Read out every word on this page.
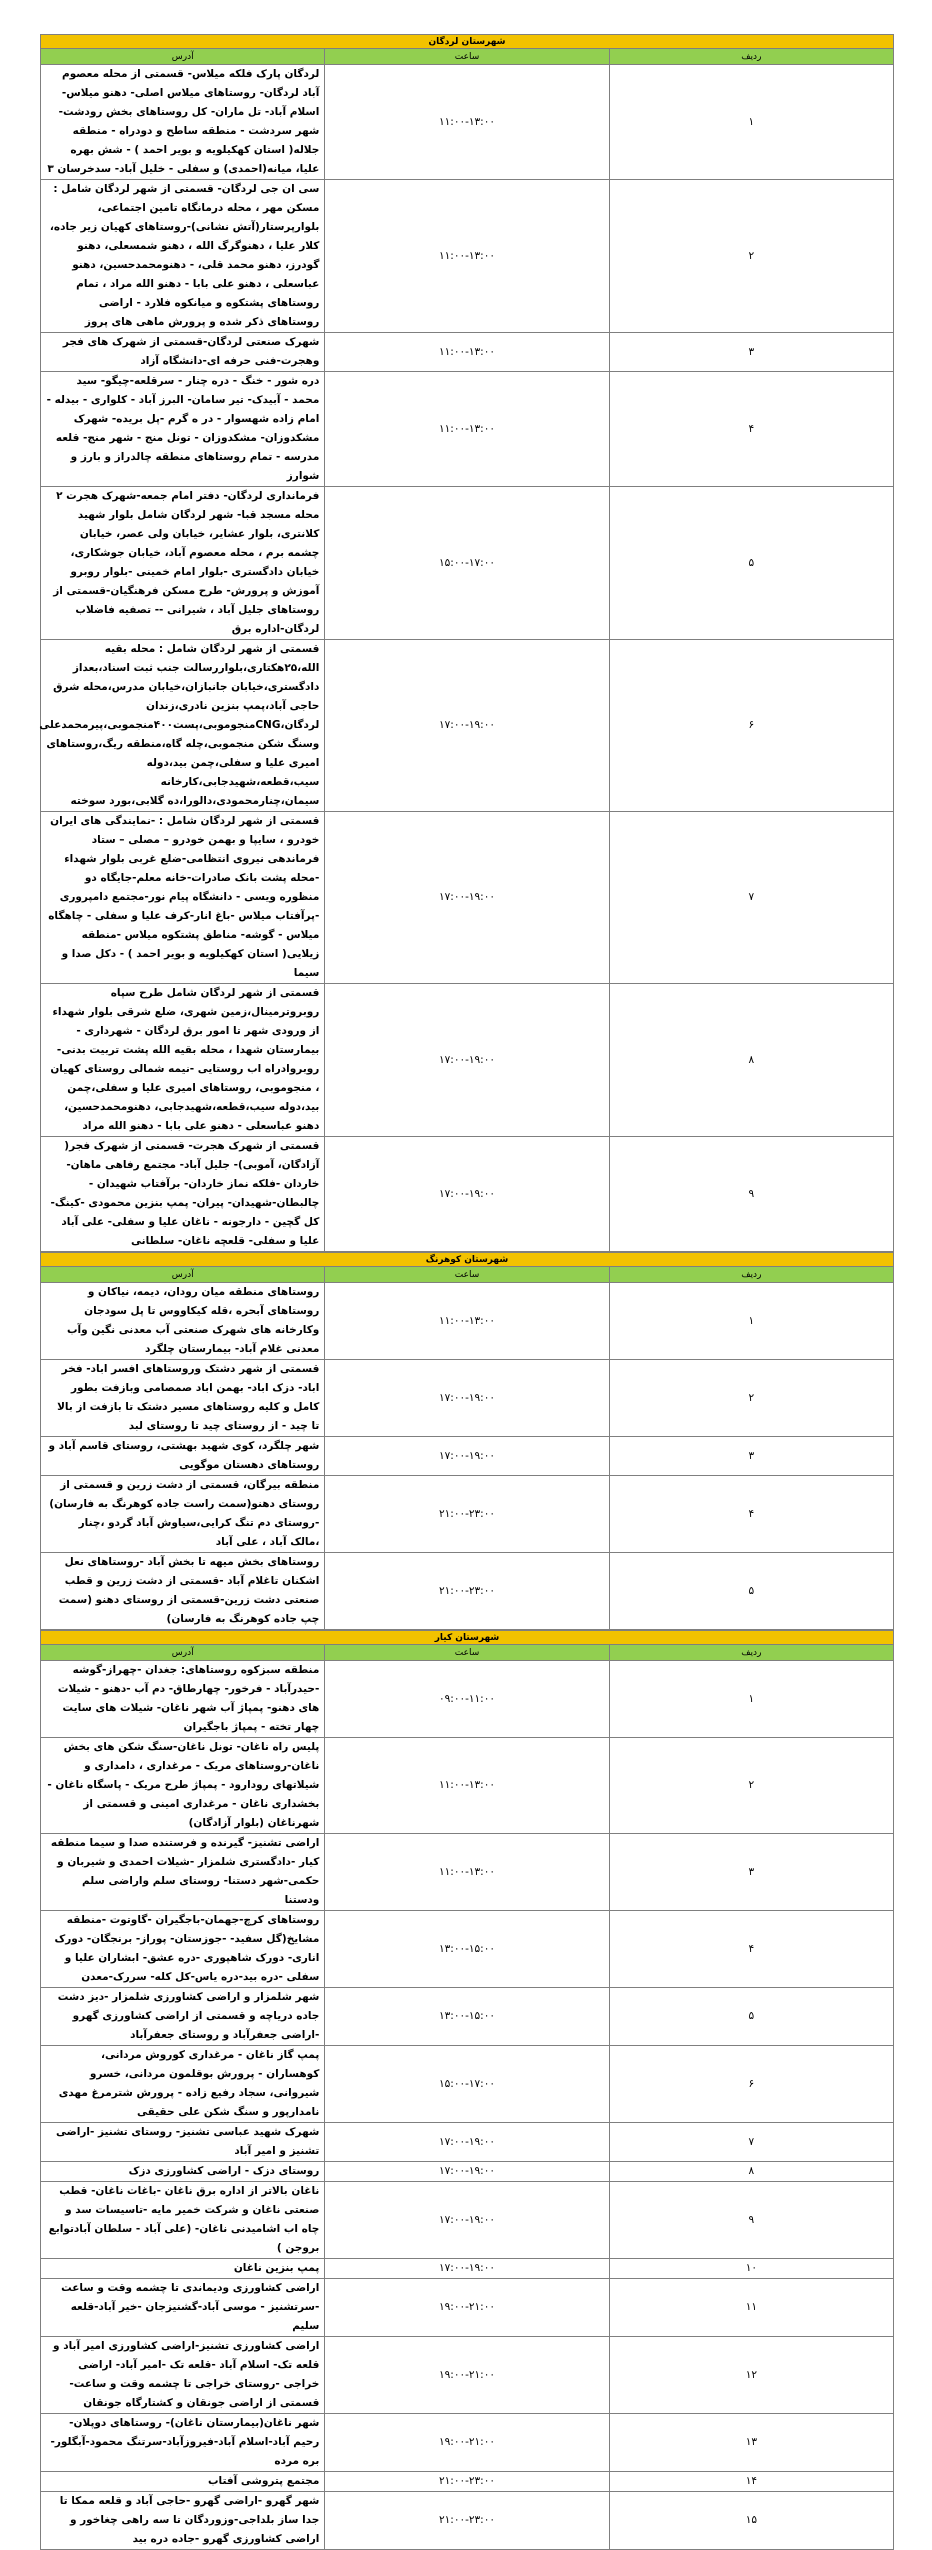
شهرستان لردگان		
ردیف	ساعت	آدرس
۱	۱۱:۰۰-۱۳:۰۰	لردگان پارک فلکه میلاس- قسمتی از محله معصوم آباد لردگان- روستاهای میلاس اصلی- دهنو میلاس- اسلام آباد- تل ماران- کل روستاهای بخش رودشت- شهر سردشت - منطقه ساطح و دودراه - منطقه جلاله( استان کهکیلویه و بویر احمد ) - شش بهره علیا، میانه(احمدی) و سفلی - خلیل آباد- سدخرسان ۳
۲	۱۱:۰۰-۱۳:۰۰	سی ان جی لردگان- قسمتی از شهر لردگان شامل : مسکن مهر ، محله درمانگاه تامین اجتماعی، بلوارپرستار(آتش نشانی)-روستاهای کهیان زیر جاده، کلار علیا ، دهنوگرگ الله ، دهنو شمسعلی، دهنو گودرز، دهنو محمد قلی، - دهنومحمدحسین، دهنو عباسعلی ، دهنو علی بابا - دهنو الله مراد ، تمام روستاهای پشتکوه و میانکوه فلارد - اراضی روستاهای ذکر شده و پرورش ماهی های پروز
۳	۱۱:۰۰-۱۳:۰۰	شهرک صنعتی لردگان-قسمتی از شهرک های فجر وهجرت-فنی حرفه ای-دانشگاه آزاد
۴	۱۱:۰۰-۱۳:۰۰	دره شور - خنگ - دره چنار - سرقلعه-چیگو- سید محمد - آبیدک- تیر سامان- البرز آباد - کلواری - بیدله - امام زاده شهسوار - در ه گرم -پل بریده- شهرک مشکدوزان- مشکدوزان - تونل منج - شهر منج- قلعه مدرسه - تمام روستاهای منطقه چالدراز و بارز و شوارز
۵	۱۵:۰۰-۱۷:۰۰	فرمانداری لردگان- دفتر امام جمعه-شهرک هجرت ۲ محله مسجد قبا- شهر لردگان شامل بلوار شهید کلانتری، بلوار عشایر، خیابان ولی عصر، خیابان چشمه برم ، محله معصوم آباد، خیابان جوشکاری، خیابان دادگستری -بلوار امام خمینی -بلوار روبرو آموزش و پرورش- طرح مسکن فرهنگیان-قسمتی از روستاهای جلیل آباد ، شیرانی -- تصفیه فاضلاب لردگان-اداره برق
۶	۱۷:۰۰-۱۹:۰۰	قسمتی از شهر لردگان شامل : محله بقیه الله،۲۵هکتاری،بلواررسالت جنب ثبت اسناد،بعداز دادگستری،خیابان جانبازان،خیابان مدرس،محله شرق حاجی آباد،پمپ بنزین نادری،زندان لردگان،CNGمنجوموبی،پست۴۰۰منجموبی،پیرمحمدعلی وسنگ شکن منجموبی،چله گاه،منطقه ریگ،روستاهای امیری علیا و سفلی،چمن بید،دوله سیب،قطعه،شهیدجابی،کارخانه سیمان،چنارمحمودی،دالورا،ده گلابی،بورد سوخته
۷	۱۷:۰۰-۱۹:۰۰	قسمتی از شهر لردگان شامل : -نمایندگی های ایران خودرو ، سایپا و بهمن خودرو – مصلی – ستاد فرماندهی نیروی انتظامی-ضلع غربی بلوار شهداء -محله پشت بانک صادرات-خانه معلم-جایگاه دو منظوره ویسی - دانشگاه پیام نور-مجتمع دامپروری -پرآفتاب میلاس -باغ انار-کرف علیا و سفلی - چاهگاه میلاس - گوشه- مناطق پشتکوه میلاس -منطقه زیلایی( استان کهکیلویه و بویر احمد ) - دکل صدا و سیما
۸	۱۷:۰۰-۱۹:۰۰	قسمتی از شهر لردگان شامل طرح سپاه روبروترمینال،زمین شهری، ضلع شرقی بلوار شهداء از ورودی شهر تا امور برق لردگان - شهرداری - بیمارستان شهدا ، محله بقیه الله پشت تربیت بدنی-روبروادراه اب روستایی -نیمه شمالی روستای کهیان ، منجوموبی، روستاهای امیری علیا و سفلی،چمن بید،دوله سیب،قطعه،شهیدجابی، دهنومحمدحسین، دهنو عباسعلی - دهنو علی بابا - دهنو الله مراد
۹	۱۷:۰۰-۱۹:۰۰	قسمتی از شهرک هجرت- قسمتی از شهرک فجر( آزادگان، آموبی)- جلیل آباد- مجتمع رفاهی ماهان- خاردان -فلکه نماز خاردان- برآفتاب شهیدان - چالبطان-شهیدان- پیران- پمپ بنزین محمودی -کینگ- کل گچین - دارجونه - ناغان علیا و سفلی- علی آباد علیا و سفلی- قلعچه ناغان- سلطانی
شهرستان کوهرنگ		
ردیف	ساعت	آدرس
۱	۱۱:۰۰-۱۳:۰۰	روستاهای منطقه میان رودان، دیمه، نیاکان و روستاهای آبحره ،قله کیکاووس تا پل سودجان وکارخانه های شهرک صنعتی آب معدنی نگین وآب معدنی غلام آباد- بیمارستان چلگرد
۲	۱۷:۰۰-۱۹:۰۰	قسمتی از شهر دشتک وروستاهای افسر اباد- فخر اباد- دزک اباد- بهمن اباد صمصامی وبازفت بطور کامل و کلیه روستاهای مسیر دشتک تا بازفت از بالا تا چید - از روستای چید تا روستای لبد
۳	۱۷:۰۰-۱۹:۰۰	شهر چلگرد، کوی شهید بهشتی، روستای قاسم آباد و روستاهای دهستان موگویی
۴	۲۱:۰۰-۲۳:۰۰	منطقه بیرگان، قسمتی از دشت زرین و قسمتی از روستای دهنو(سمت راست جاده کوهرنگ به فارسان) -روستای دم تنگ کرایی،سیاوش آباد گردو ،چنار ،مالک آباد ، علی آباد
۵	۲۱:۰۰-۲۳:۰۰	روستاهای بخش میهه تا بخش آباد -روستاهای نعل اشکنان تاغلام آباد -قسمتی از دشت زرین و قطب صنعتی دشت زرین-قسمتی از روستای دهنو (سمت چپ جاده کوهرنگ به فارسان)
شهرستان کیار		
ردیف	ساعت	آدرس
۱	۰۹:۰۰-۱۱:۰۰	منطقه سبزکوه روستاهای: جغدان -چهراز-گوشه -حیدرآباد - فرخور- چهارطاق- دم آب -دهنو - شیلات های دهنو- پمپاژ آب شهر ناغان- شیلات های سایت چهار تخته - پمپاژ باجگیران
۲	۱۱:۰۰-۱۳:۰۰	پلیس راه ناغان- تونل ناغان-سنگ شکن های بخش ناغان-روستاهای مریک - مرغداری ، دامداری و شیلاتهای رودارود - پمپاژ طرح مریک - پاسگاه ناغان - بخشداری ناغان - مرغداری امینی و قسمتی از شهرناغان (بلوار آزادگان)
۳	۱۱:۰۰-۱۳:۰۰	اراضی تشنیز- گیرنده و فرستنده صدا و سیما منطقه کیار -دادگستری شلمزار -شیلات احمدی و شیربان و حکمی-شهر دستنا- روستای سلم واراضی سلم ودستنا
۴	۱۳:۰۰-۱۵:۰۰	روستاهای کرچ-جهمان-باجگیران -گاوتوت -منطقه مشایخ(گل سفید- -جوزستان- پوراز- برنجگان- دورک اناری- دورک شاهپوری -دره عشق- ابشاران علیا و سفلی -دره بید-دره یاس-کل کله- سررک-معدن
۵	۱۳:۰۰-۱۵:۰۰	شهر شلمزار و اراضی کشاورزی شلمزار -دیز دشت جاده دریاچه و قسمتی از اراضی کشاورزی گهرو -اراضی جعفرآباد و روستای جعفرآباد
۶	۱۵:۰۰-۱۷:۰۰	پمپ گاز ناغان - مرغداری کوروش مردانی، کوهساران - پرورش بوقلمون مردانی، خسرو شیروانی، سجاد رفیع زاده - پرورش شترمرغ مهدی نامدارپور و سنگ شکن علی حقیقی
۷	۱۷:۰۰-۱۹:۰۰	شهرک شهید عباسی تشنیز- روستای تشنیز -اراضی تشنیز و امیر آباد
۸	۱۷:۰۰-۱۹:۰۰	روستای دزک - اراضی کشاورزی دزک
۹	۱۷:۰۰-۱۹:۰۰	ناغان بالاتر از اداره برق ناغان -باغات ناغان- قطب صنعتی ناغان و شرکت خمیر مایه -تاسیسات سد و چاه اب اشامیدنی ناغان- (علی آباد - سلطان آبادتوابع بروجن )
۱۰	۱۷:۰۰-۱۹:۰۰	پمپ بنزین ناغان
۱۱	۱۹:۰۰-۲۱:۰۰	اراضی کشاورزی ودیماندی تا چشمه وقت و ساعت -سرتشنیز - موسی آباد-گشنیزجان -خیر آباد-قلعه سلیم
۱۲	۱۹:۰۰-۲۱:۰۰	اراضی کشاورزی تشنیز-اراضی کشاورزی امیر آباد و قلعه تک- اسلام آباد -قلعه تک -امیر آباد- اراضی خراجی -روستای خراجی تا چشمه وقت و ساعت- قسمتی از اراضی جونقان و کشتارگاه جونقان
۱۳	۱۹:۰۰-۲۱:۰۰	شهر ناغان(بیمارستان ناغان)- روستاهای دوپلان-رحیم آباد-اسلام آباد-فیروزآباد-سرتنگ محمود-آبگلور- بره مرده
۱۴	۲۱:۰۰-۲۳:۰۰	مجتمع پتروشی آفتاب
۱۵	۲۱:۰۰-۲۳:۰۰	شهر گهرو -اراضی گهرو -حاجی آباد و قلعه ممکا تا جدا ساز بلداجی-وزوردگان تا سه راهی چغاخور و اراضی کشاورزی گهرو -جاده دره بید
